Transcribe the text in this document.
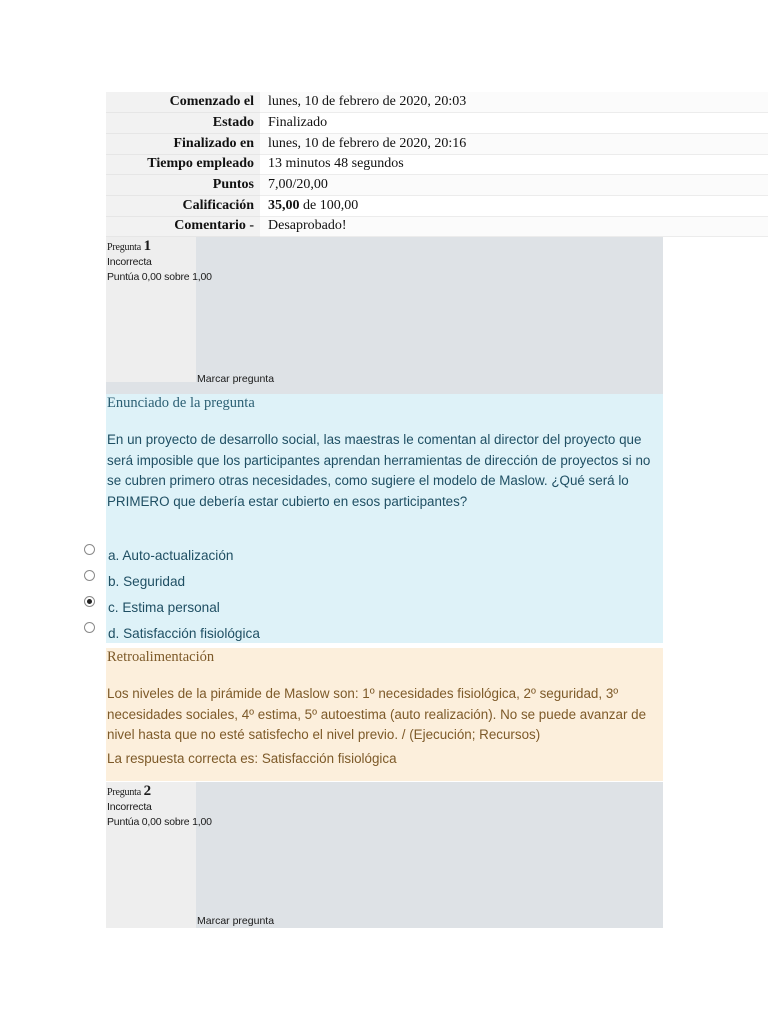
Comenzado el	lunes, 10 de febrero de 2020, 20:03
Estado	Finalizado
Finalizado en	lunes, 10 de febrero de 2020, 20:16
Tiempo empleado	13 minutos 48 segundos
Puntos	7,00/20,00
Calificación	35,00 de 100,00
Comentario -	Desaprobado!
Pregunta 1
Incorrecta
Puntúa 0,00 sobre 1,00
Marcar pregunta
Enunciado de la pregunta
En un proyecto de desarrollo social, las maestras le comentan al director del proyecto que será imposible que los participantes aprendan herramientas de dirección de proyectos si no se cubren primero otras necesidades, como sugiere el modelo de Maslow. ¿Qué será lo PRIMERO que debería estar cubierto en esos participantes?
a. Auto-actualización
b. Seguridad
c. Estima personal
d. Satisfacción fisiológica
Retroalimentación
Los niveles de la pirámide de Maslow son: 1º necesidades fisiológica, 2º seguridad, 3º necesidades sociales, 4º estima, 5º autoestima (auto realización). No se puede avanzar de nivel hasta que no esté satisfecho el nivel previo. / (Ejecución; Recursos)
La respuesta correcta es: Satisfacción fisiológica
Pregunta 2
Incorrecta
Puntúa 0,00 sobre 1,00
Marcar pregunta
